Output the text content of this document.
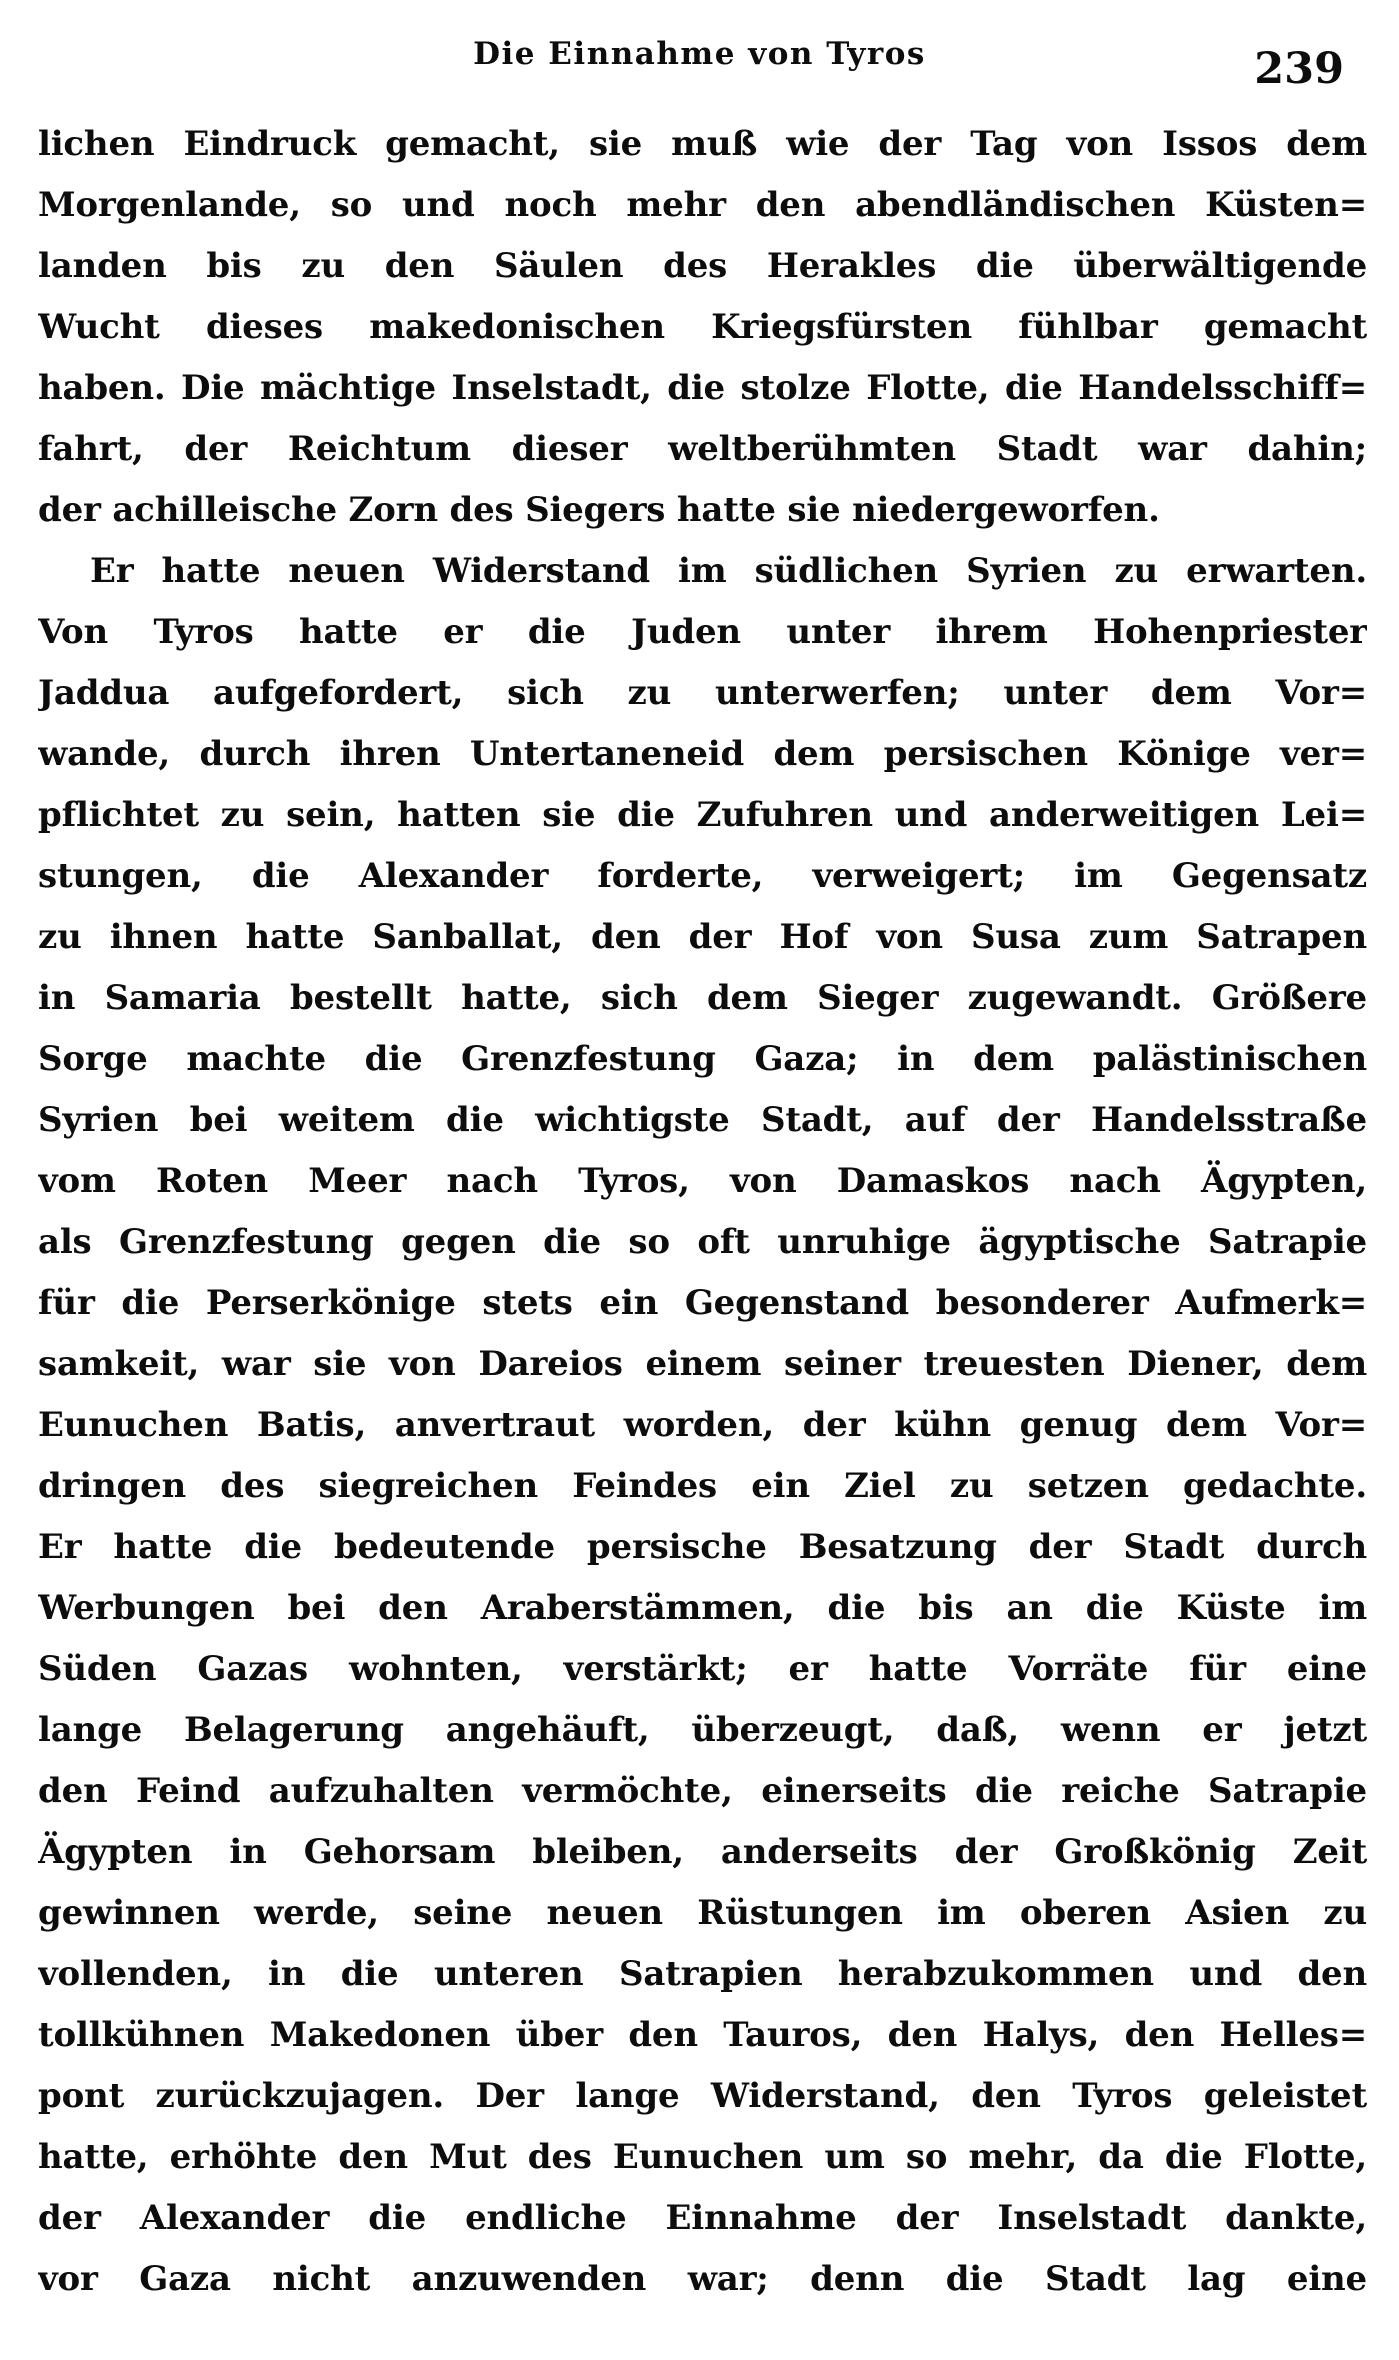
Die Einnahme von Tyros	239
lichen Eindruck gemacht, sie muß wie der Tag von Issos dem
Morgenlande, so und noch mehr den abendländischen Küsten=
landen bis zu den Säulen des Herakles die überwältigende
Wucht dieses makedonischen Kriegsfürsten fühlbar gemacht
haben. Die mächtige Inselstadt, die stolze Flotte, die Handelsschiff=
fahrt, der Reichtum dieser weltberühmten Stadt war dahin;
der achilleische Zorn des Siegers hatte sie niedergeworfen.
Er hatte neuen Widerstand im südlichen Syrien zu erwarten.
Von Tyros hatte er die Juden unter ihrem Hohenpriester
Jaddua aufgefordert, sich zu unterwerfen; unter dem Vor=
wande, durch ihren Untertaneneid dem persischen Könige ver=
pflichtet zu sein, hatten sie die Zufuhren und anderweitigen Lei=
stungen, die Alexander forderte, verweigert; im Gegensatz
zu ihnen hatte Sanballat, den der Hof von Susa zum Satrapen
in Samaria bestellt hatte, sich dem Sieger zugewandt. Größere
Sorge machte die Grenzfestung Gaza; in dem palästinischen
Syrien bei weitem die wichtigste Stadt, auf der Handelsstraße
vom Roten Meer nach Tyros, von Damaskos nach Ägypten,
als Grenzfestung gegen die so oft unruhige ägyptische Satrapie
für die Perserkönige stets ein Gegenstand besonderer Aufmerk=
samkeit, war sie von Dareios einem seiner treuesten Diener, dem
Eunuchen Batis, anvertraut worden, der kühn genug dem Vor=
dringen des siegreichen Feindes ein Ziel zu setzen gedachte.
Er hatte die bedeutende persische Besatzung der Stadt durch
Werbungen bei den Araberstämmen, die bis an die Küste im
Süden Gazas wohnten, verstärkt; er hatte Vorräte für eine
lange Belagerung angehäuft, überzeugt, daß, wenn er jetzt
den Feind aufzuhalten vermöchte, einerseits die reiche Satrapie
Ägypten in Gehorsam bleiben, anderseits der Großkönig Zeit
gewinnen werde, seine neuen Rüstungen im oberen Asien zu
vollenden, in die unteren Satrapien herabzukommen und den
tollkühnen Makedonen über den Tauros, den Halys, den Helles=
pont zurückzujagen. Der lange Widerstand, den Tyros geleistet
hatte, erhöhte den Mut des Eunuchen um so mehr, da die Flotte,
der Alexander die endliche Einnahme der Inselstadt dankte,
vor Gaza nicht anzuwenden war; denn die Stadt lag eine
